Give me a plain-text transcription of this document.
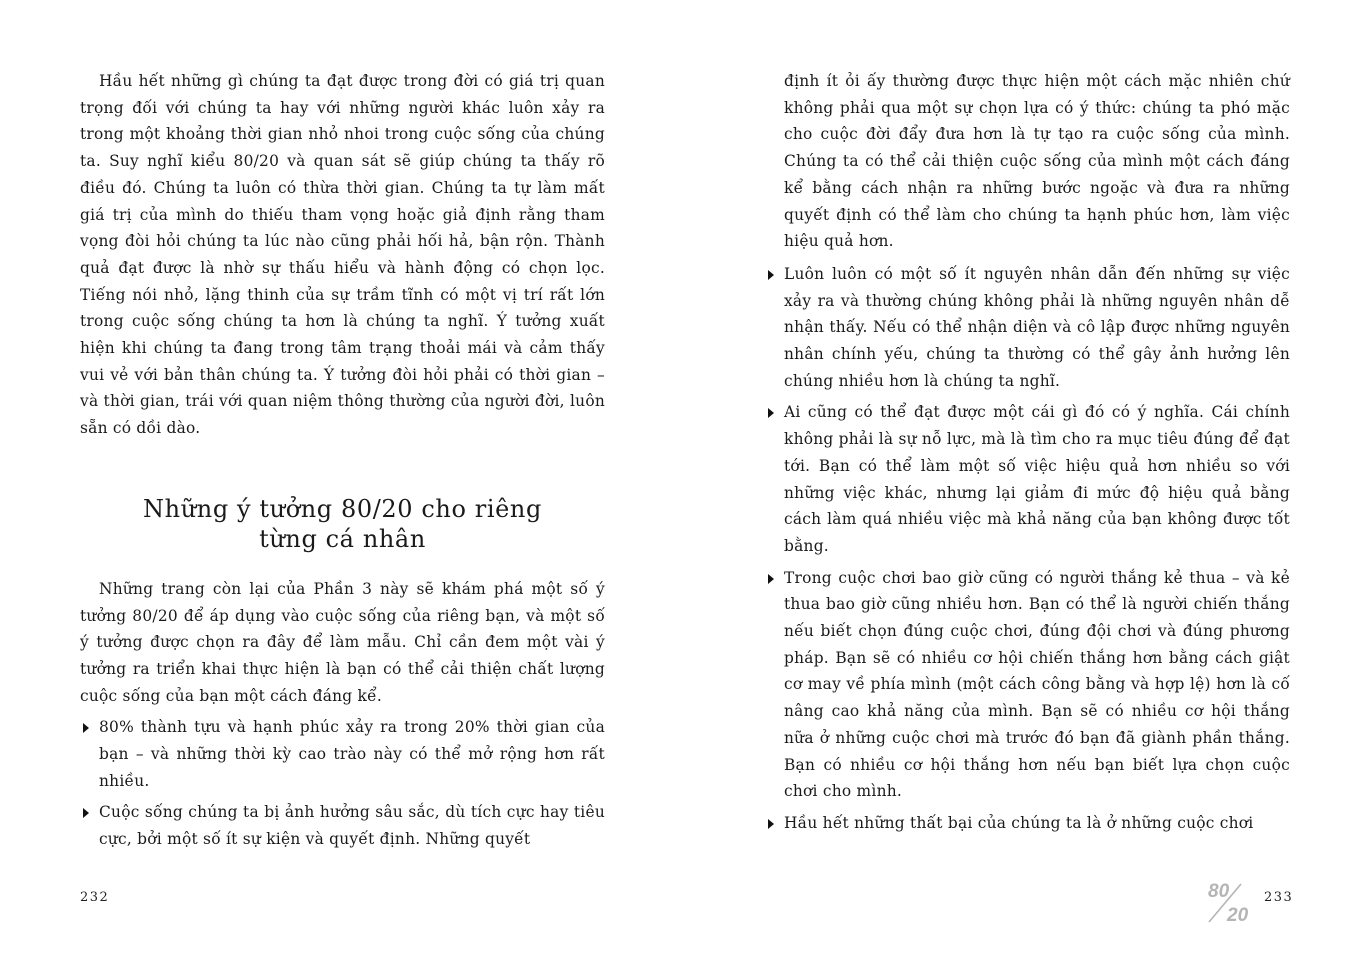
Hầu hết những gì chúng ta đạt được trong đời có giá trị quan trọng đối với chúng ta hay với những người khác luôn xảy ra trong một khoảng thời gian nhỏ nhoi trong cuộc sống của chúng ta. Suy nghĩ kiểu 80/20 và quan sát sẽ giúp chúng ta thấy rõ điều đó. Chúng ta luôn có thừa thời gian. Chúng ta tự làm mất giá trị của mình do thiếu tham vọng hoặc giả định rằng tham vọng đòi hỏi chúng ta lúc nào cũng phải hối hả, bận rộn. Thành quả đạt được là nhờ sự thấu hiểu và hành động có chọn lọc. Tiếng nói nhỏ, lặng thinh của sự trầm tĩnh có một vị trí rất lớn trong cuộc sống chúng ta hơn là chúng ta nghĩ. Ý tưởng xuất hiện khi chúng ta đang trong tâm trạng thoải mái và cảm thấy vui vẻ với bản thân chúng ta. Ý tưởng đòi hỏi phải có thời gian – và thời gian, trái với quan niệm thông thường của người đời, luôn sẵn có dồi dào.

Những ý tưởng 80/20 cho riêng
từng cá nhân

Những trang còn lại của Phần 3 này sẽ khám phá một số ý tưởng 80/20 để áp dụng vào cuộc sống của riêng bạn, và một số ý tưởng được chọn ra đây để làm mẫu. Chỉ cần đem một vài ý tưởng ra triển khai thực hiện là bạn có thể cải thiện chất lượng cuộc sống của bạn một cách đáng kể.

80% thành tựu và hạnh phúc xảy ra trong 20% thời gian của bạn – và những thời kỳ cao trào này có thể mở rộng hơn rất nhiều.
Cuộc sống chúng ta bị ảnh hưởng sâu sắc, dù tích cực hay tiêu cực, bởi một số ít sự kiện và quyết định. Những quyết
232

định ít ỏi ấy thường được thực hiện một cách mặc nhiên chứ không phải qua một sự chọn lựa có ý thức: chúng ta phó mặc cho cuộc đời đẩy đưa hơn là tự tạo ra cuộc sống của mình. Chúng ta có thể cải thiện cuộc sống của mình một cách đáng kể bằng cách nhận ra những bước ngoặc và đưa ra những quyết định có thể làm cho chúng ta hạnh phúc hơn, làm việc hiệu quả hơn.

Luôn luôn có một số ít nguyên nhân dẫn đến những sự việc xảy ra và thường chúng không phải là những nguyên nhân dễ nhận thấy. Nếu có thể nhận diện và cô lập được những nguyên nhân chính yếu, chúng ta thường có thể gây ảnh hưởng lên chúng nhiều hơn là chúng ta nghĩ.
Ai cũng có thể đạt được một cái gì đó có ý nghĩa. Cái chính không phải là sự nỗ lực, mà là tìm cho ra mục tiêu đúng để đạt tới. Bạn có thể làm một số việc hiệu quả hơn nhiều so với những việc khác, nhưng lại giảm đi mức độ hiệu quả bằng cách làm quá nhiều việc mà khả năng của bạn không được tốt bằng.
Trong cuộc chơi bao giờ cũng có người thắng kẻ thua – và kẻ thua bao giờ cũng nhiều hơn. Bạn có thể là người chiến thắng nếu biết chọn đúng cuộc chơi, đúng đội chơi và đúng phương pháp. Bạn sẽ có nhiều cơ hội chiến thắng hơn bằng cách giật cơ may về phía mình (một cách công bằng và hợp lệ) hơn là cố nâng cao khả năng của mình. Bạn sẽ có nhiều cơ hội thắng nữa ở những cuộc chơi mà trước đó bạn đã giành phần thắng. Bạn có nhiều cơ hội thắng hơn nếu bạn biết lựa chọn cuộc chơi cho mình.
Hầu hết những thất bại của chúng ta là ở những cuộc chơi
80
20
233
